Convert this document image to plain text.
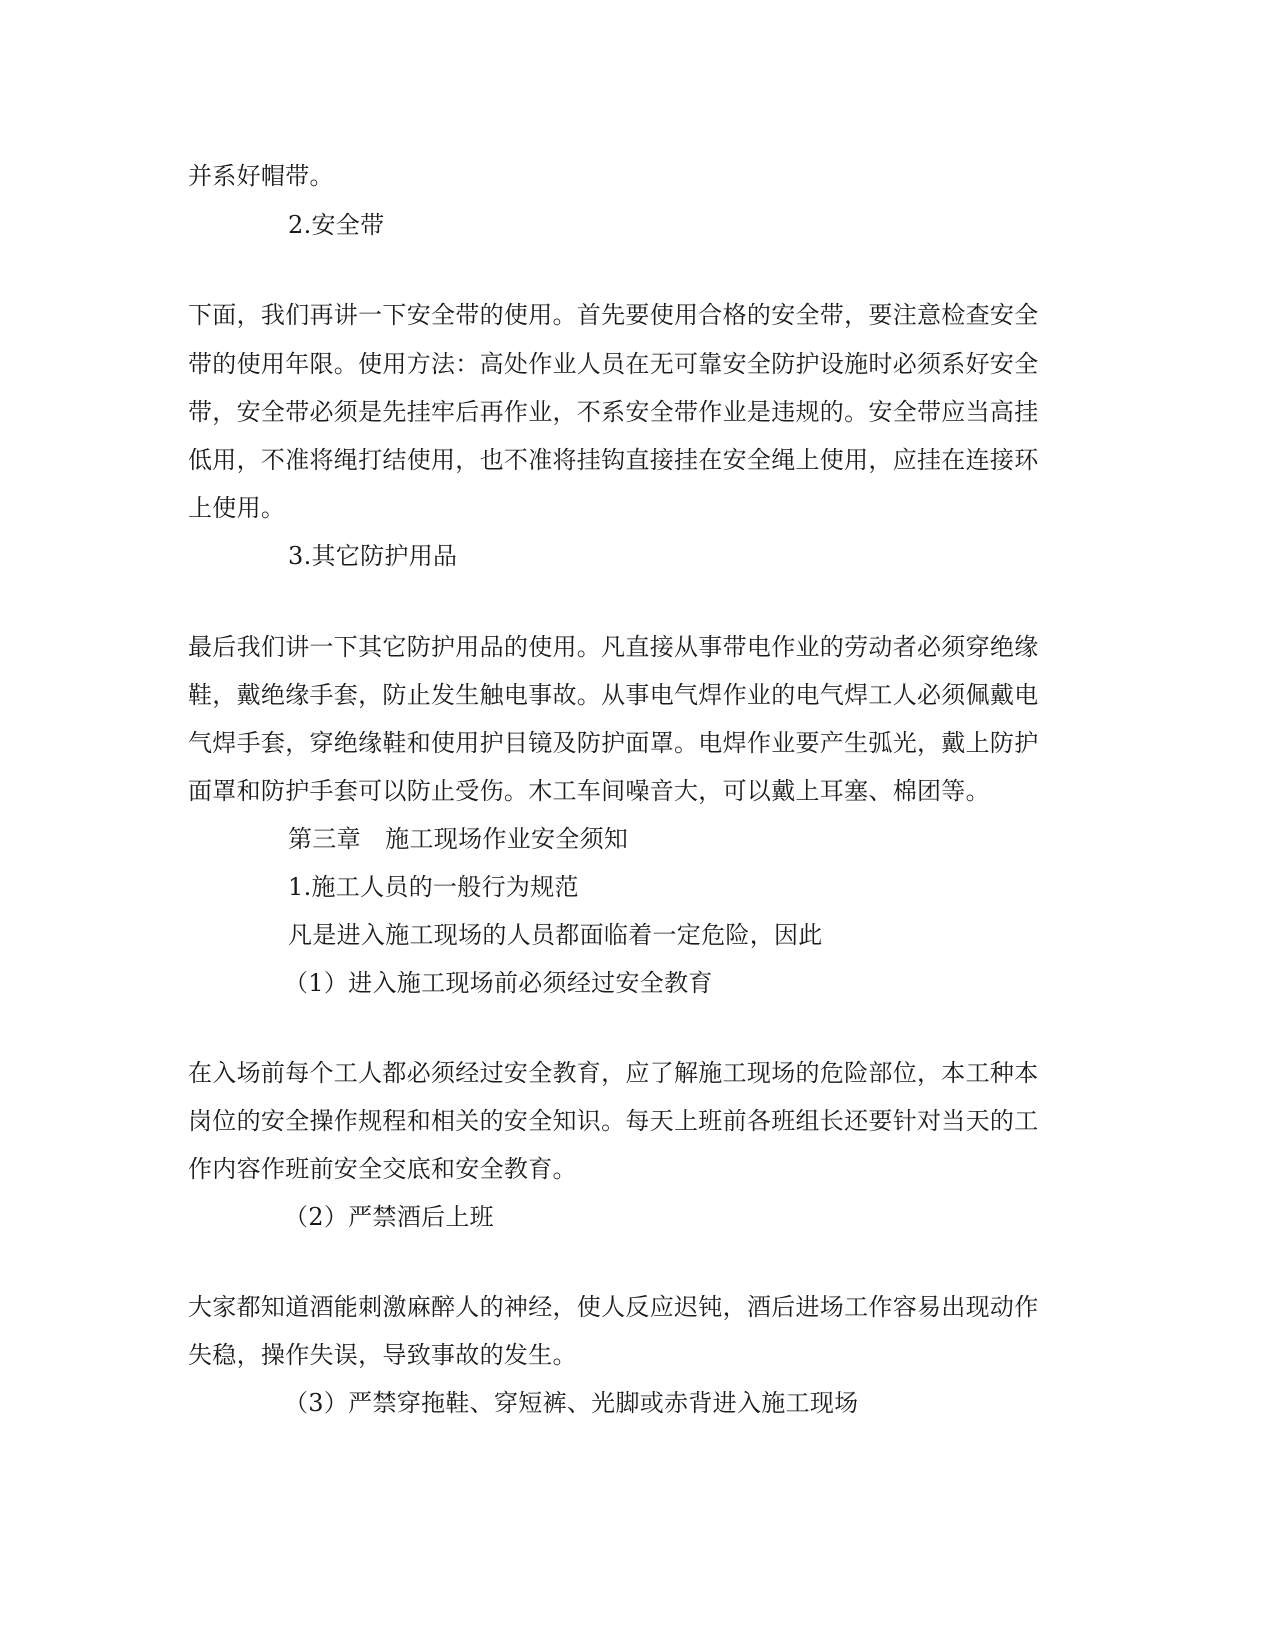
并系好帽带。
2.安全带
下面，我们再讲一下安全带的使用。首先要使用合格的安全带，要注意检查安全
带的使用年限。使用方法：高处作业人员在无可靠安全防护设施时必须系好安全
带，安全带必须是先挂牢后再作业，不系安全带作业是违规的。安全带应当高挂
低用，不准将绳打结使用，也不准将挂钩直接挂在安全绳上使用，应挂在连接环
上使用。
3.其它防护用品
最后我们讲一下其它防护用品的使用。凡直接从事带电作业的劳动者必须穿绝缘
鞋，戴绝缘手套，防止发生触电事故。从事电气焊作业的电气焊工人必须佩戴电
气焊手套，穿绝缘鞋和使用护目镜及防护面罩。电焊作业要产生弧光，戴上防护
面罩和防护手套可以防止受伤。木工车间噪音大，可以戴上耳塞、棉团等。
第三章　施工现场作业安全须知
1.施工人员的一般行为规范
凡是进入施工现场的人员都面临着一定危险，因此
（1）进入施工现场前必须经过安全教育
在入场前每个工人都必须经过安全教育，应了解施工现场的危险部位，本工种本
岗位的安全操作规程和相关的安全知识。每天上班前各班组长还要针对当天的工
作内容作班前安全交底和安全教育。
（2）严禁酒后上班
大家都知道酒能刺激麻醉人的神经，使人反应迟钝，酒后进场工作容易出现动作
失稳，操作失误，导致事故的发生。
（3）严禁穿拖鞋、穿短裤、光脚或赤背进入施工现场
